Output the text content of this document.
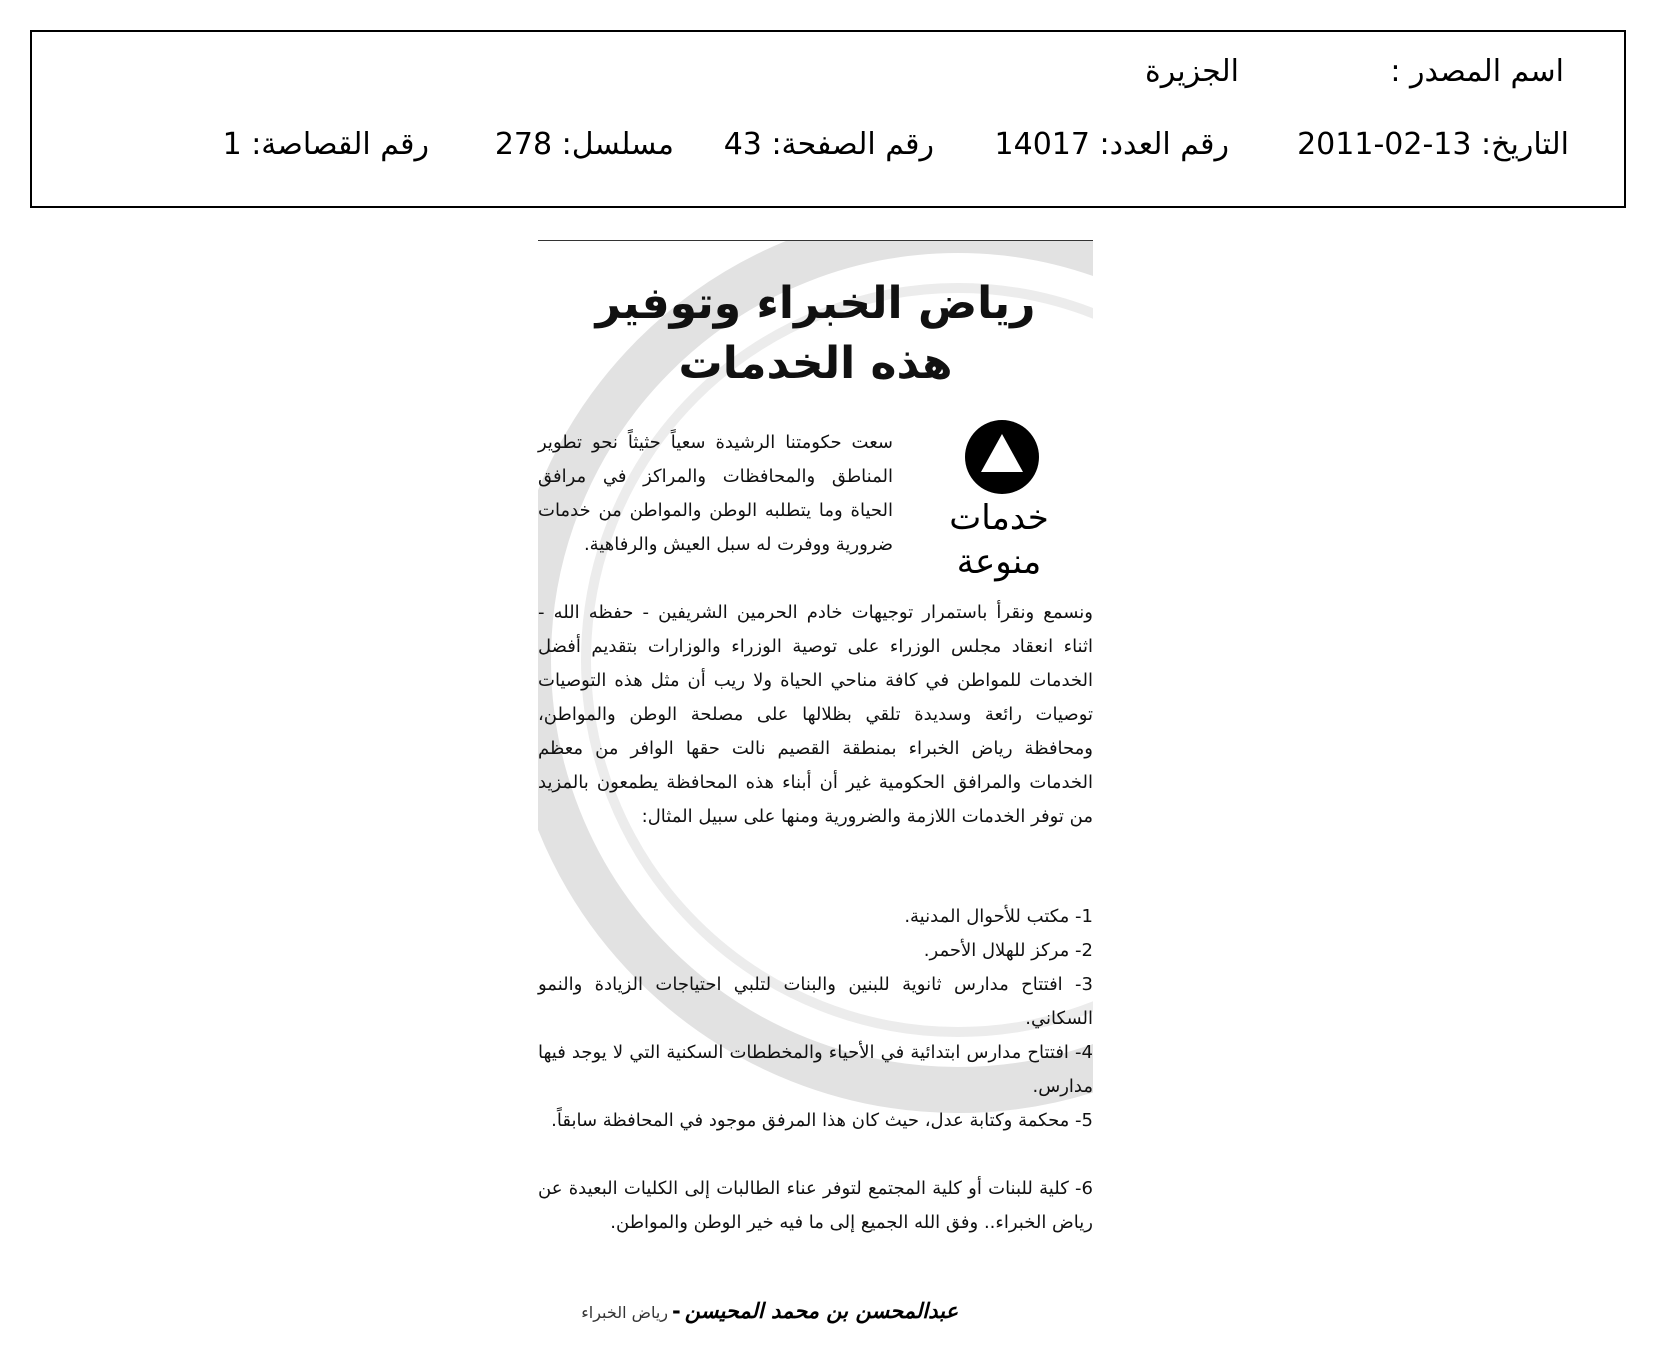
اسم المصدر :
الجزيرة
التاريخ: 13-02-2011
رقم العدد: 14017
رقم الصفحة: 43
مسلسل: 278
رقم القصاصة: 1
رياض الخبراء وتوفير
هذه الخدمات
خدمات منوعة
سعت حكومتنا الرشيدة سعياً حثيثاً نحو تطوير المناطق والمحافظات والمراكز في مرافق الحياة وما يتطلبه الوطن والمواطن من خدمات ضرورية ووفرت له سبل العيش والرفاهية.
ونسمع ونقرأ باستمرار توجيهات خادم الحرمين الشريفين - حفظه الله - اثناء انعقاد مجلس الوزراء على توصية الوزراء والوزارات بتقديم أفضل الخدمات للمواطن في كافة مناحي الحياة ولا ريب أن مثل هذه التوصيات توصيات رائعة وسديدة تلقي بظلالها على مصلحة الوطن والمواطن، ومحافظة رياض الخبراء بمنطقة القصيم نالت حقها الوافر من معظم الخدمات والمرافق الحكومية غير أن أبناء هذه المحافظة يطمعون بالمزيد من توفر الخدمات اللازمة والضرورية ومنها على سبيل المثال:
1- مكتب للأحوال المدنية.
2- مركز للهلال الأحمر.
3- افتتاح مدارس ثانوية للبنين والبنات لتلبي احتياجات الزيادة والنمو السكاني.
4- افتتاح مدارس ابتدائية في الأحياء والمخططات السكنية التي لا يوجد فيها مدارس.
5- محكمة وكتابة عدل، حيث كان هذا المرفق موجود في المحافظة سابقاً.
6- كلية للبنات أو كلية المجتمع لتوفر عناء الطالبات إلى الكليات البعيدة عن رياض الخبراء.. وفق الله الجميع إلى ما فيه خير الوطن والمواطن.
عبدالمحسن بن محمد المحيسن-رياض الخبراء
